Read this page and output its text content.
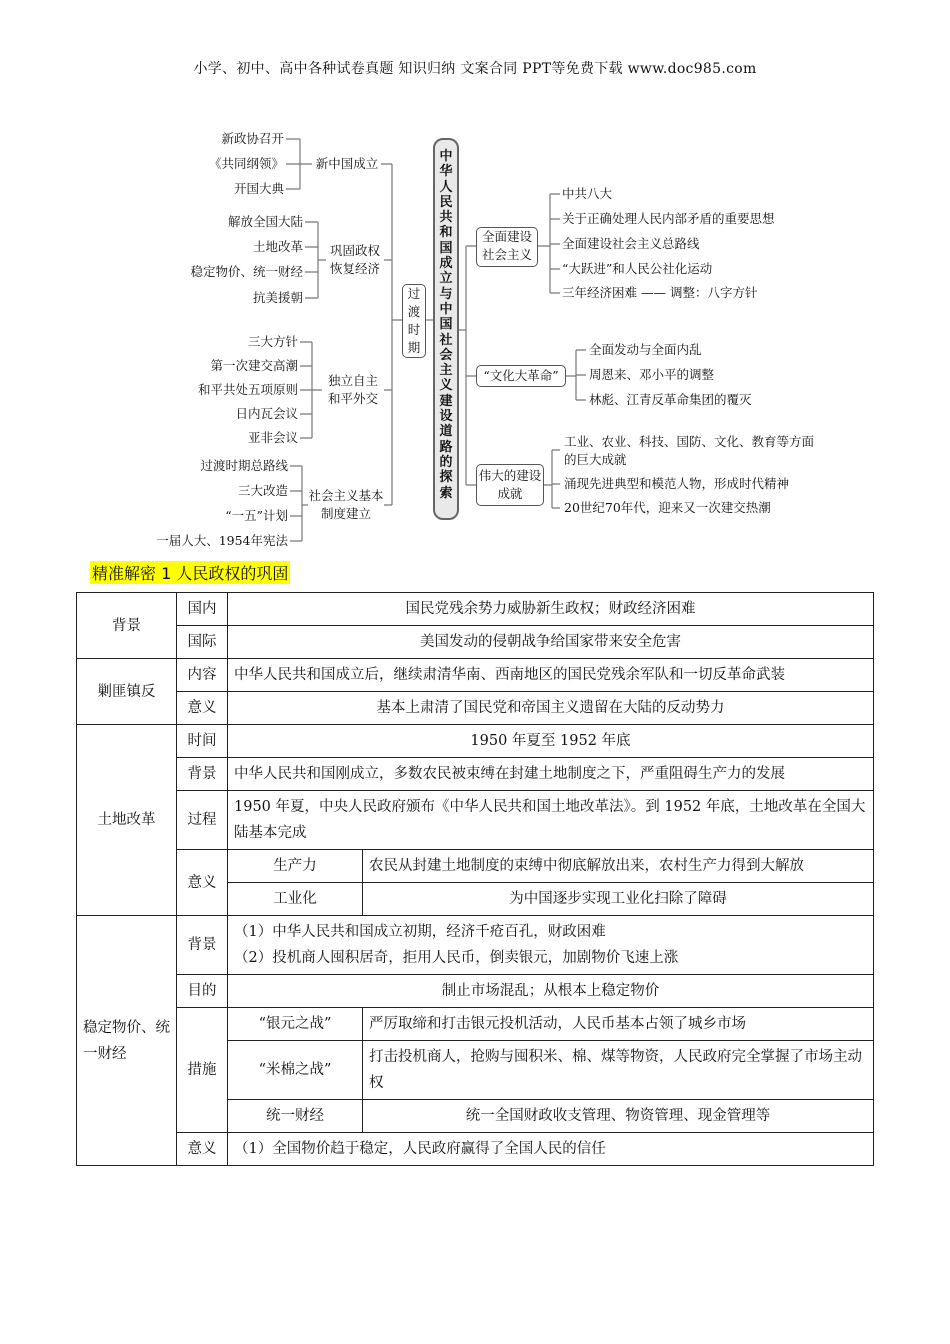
小学、初中、高中各种试卷真题 知识归纳 文案合同 PPT等免费下载 www.doc985.com
新政协召开
《共同纲领》
开国大典
新中国成立
解放全国大陆
土地改革
稳定物价、统一财经
抗美援朝
巩固政权恢复经济
三大方针
第一次建交高潮
和平共处五项原则
日内瓦会议
亚非会议
独立自主和平外交
过渡时期总路线
三大改造
“一五”计划
一届人大、1954年宪法
社会主义基本制度建立
过渡时期
中华人民共和国成立与中国社会主义建设道路的探索
全面建设社会主义
中共八大
关于正确处理人民内部矛盾的重要思想
全面建设社会主义总路线
“大跃进”和人民公社化运动
三年经济困难 —— 调整：八字方针
“文化大革命”
全面发动与全面内乱
周恩来、邓小平的调整
林彪、江青反革命集团的覆灭
伟大的建设成就
工业、农业、科技、国防、文化、教育等方面的巨大成就
涌现先进典型和模范人物，形成时代精神
20世纪70年代，迎来又一次建交热潮
精准解密 1 人民政权的巩固
背景	国内	国民党残余势力威胁新生政权；财政经济困难	
	国际	美国发动的侵朝战争给国家带来安全危害	
剿匪镇反	内容	中华人民共和国成立后，继续肃清华南、西南地区的国民党残余军队和一切反革命武装	
	意义	基本上肃清了国民党和帝国主义遗留在大陆的反动势力	
土地改革	时间	1950 年夏至 1952 年底	
	背景	中华人民共和国刚成立，多数农民被束缚在封建土地制度之下，严重阻碍生产力的发展	
	过程	1950 年夏，中央人民政府颁布《中华人民共和国土地改革法》。到 1952 年底，土地改革在全国大陆基本完成	
	意义	生产力	农民从封建土地制度的束缚中彻底解放出来，农村生产力得到大解放
		工业化	为中国逐步实现工业化扫除了障碍
稳定物价、统一财经	背景	（1）中华人民共和国成立初期，经济千疮百孔，财政困难
（2）投机商人囤积居奇，拒用人民币，倒卖银元，加剧物价飞速上涨	

	目的	制止市场混乱；从根本上稳定物价	
	措施	“银元之战”	严厉取缔和打击银元投机活动，人民币基本占领了城乡市场
		“米棉之战”	打击投机商人，抢购与囤积米、棉、煤等物资，人民政府完全掌握了市场主动权
		统一财经	统一全国财政收支管理、物资管理、现金管理等
	意义	（1）全国物价趋于稳定，人民政府赢得了全国人民的信任	
